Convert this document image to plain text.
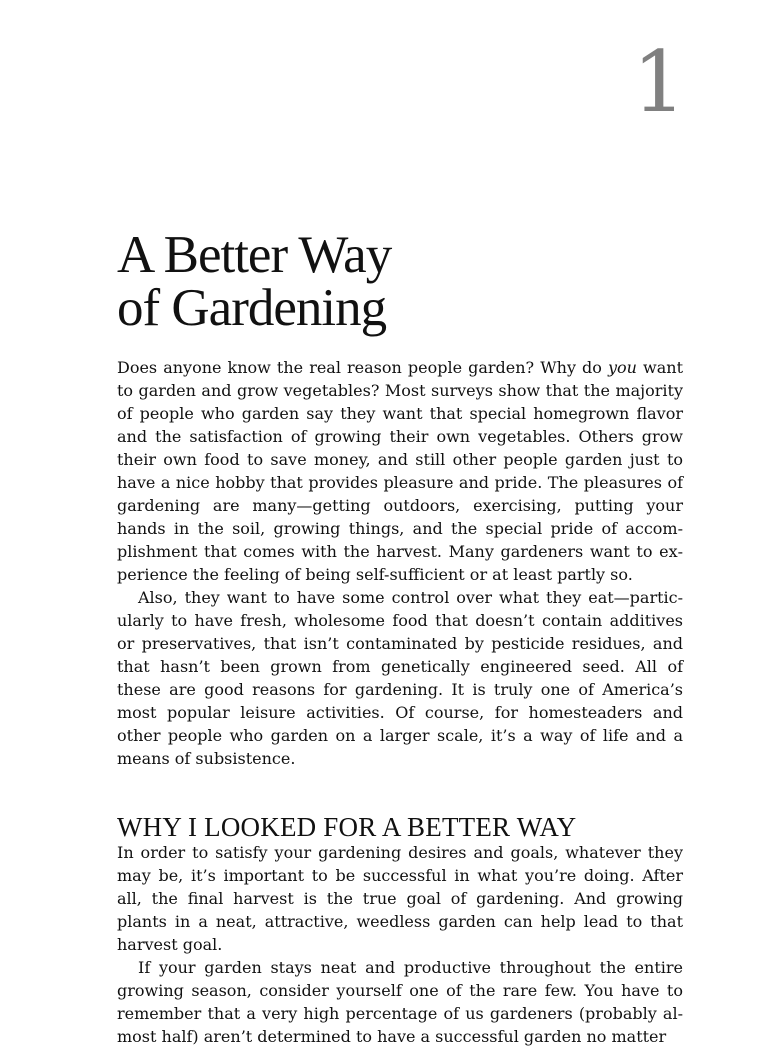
1
A Better Way
of Gardening

Does anyone know the real reason people garden? Why do you want to garden and grow vegetables? Most surveys show that the majority of people who garden say they want that special homegrown flavor and the satisfaction of growing their own vegetables. Others grow their own food to save money, and still other people garden just to have a nice hobby that provides pleasure and pride. The pleasures of gardening are many—getting outdoors, exercising, putting your hands in the soil, growing things, and the special pride of accomplishment that comes with the harvest. Many gardeners want to experience the feeling of being self-sufficient or at least partly so.

Also, they want to have some control over what they eat—particularly to have fresh, wholesome food that doesn’t contain additives or preservatives, that isn’t contaminated by pesticide residues, and that hasn’t been grown from genetically engineered seed. All of these are good reasons for gardening. It is truly one of America’s most popular leisure activities. Of course, for homesteaders and other people who garden on a larger scale, it’s a way of life and a means of subsistence.

WHY I LOOKED FOR A BETTER WAY

In order to satisfy your gardening desires and goals, whatever they may be, it’s important to be successful in what you’re doing. After all, the final harvest is the true goal of gardening. And growing plants in a neat, attractive, weedless garden can help lead to that harvest goal.

If your garden stays neat and productive throughout the entire growing season, consider yourself one of the rare few. You have to remember that a very high percentage of us gardeners (probably almost half) aren’t determined to have a successful garden no matter
